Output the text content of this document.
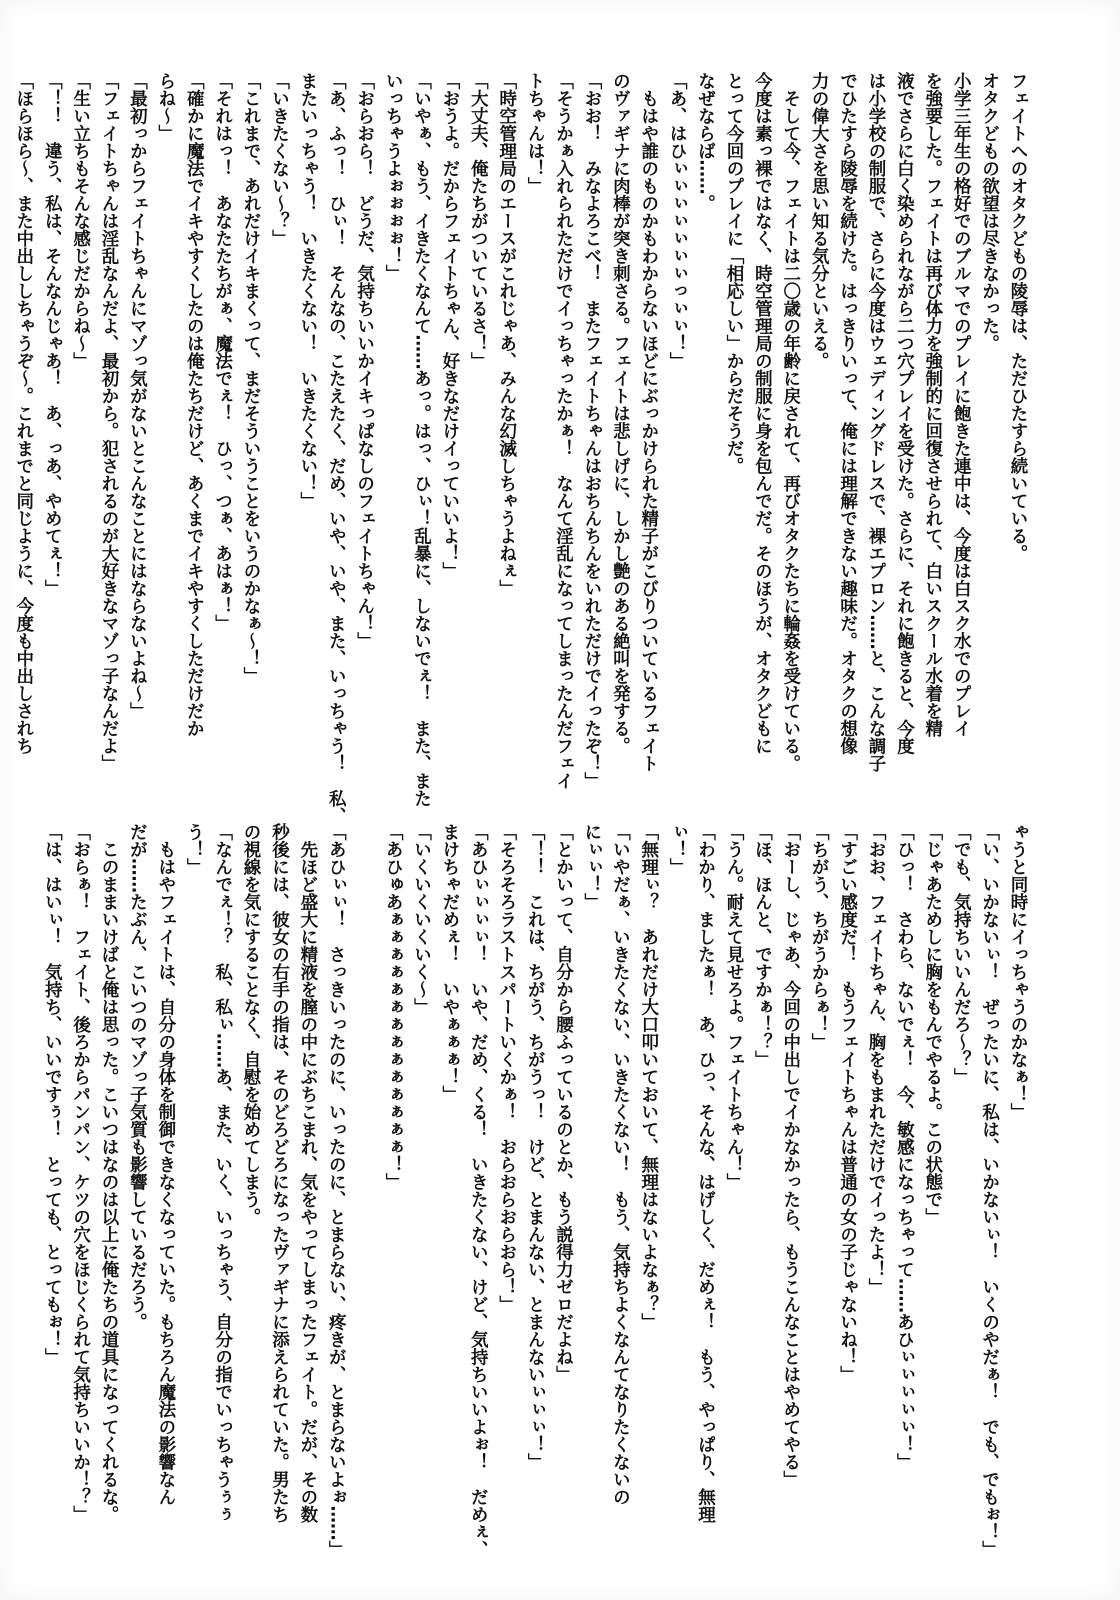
フェイトへのオタクどもの陵辱は、ただひたすら続いている。
オタクどもの欲望は尽きなかった。
小学三年生の格好でのブルマでのプレイに飽きた連中は、今度は白スク水でのプレイ
を強要した。フェイトは再び体力を強制的に回復させられて、白いスクール水着を精
液でさらに白く染められながら二つ穴プレイを受けた。さらに、それに飽きると、今度
は小学校の制服で、さらに今度はウェディングドレスで、裸エプロン……と、こんな調子
でひたすら陵辱を続けた。はっきりいって、俺には理解できない趣味だ。オタクの想像
力の偉大さを思い知る気分といえる。
　そして今、フェイトは二〇歳の年齢に戻されて、再びオタクたちに輪姦を受けている。
今度は素っ裸ではなく、時空管理局の制服に身を包んでだ。そのほうが、オタクどもに
とって今回のプレイに「相応しい」からだそうだ。
なぜならば……。
「あ、はひぃぃぃぃぃぃぃっぃぃ！」
　もはや誰のものかもわからないほどにぶっかけられた精子がこびりついているフェイト
のヴァギナに肉棒が突き刺さる。フェイトは悲しげに、しかし艶のある絶叫を発する。
「おお！　みなよろこべ！　またフェイトちゃんはおちんちんをいれただけでイったぞ！」
「そうかぁ入れられただけでイっちゃったかぁ！　なんて淫乱になってしまったんだフェイ
トちゃんは！」
「時空管理局のエースがこれじゃあ、みんな幻滅しちゃうよねぇ」
「大丈夫、俺たちがついているさ！」
「おうよ。だからフェイトちゃん、好きなだけイっていいよ！」
「いやぁ、もう、イきたくなんて……あっ。はっ、ひぃ！乱暴に、しないでぇ！　また、また
いっちゃうよぉぉぉぉ！」
「おらおら！　どうだ、気持ちいいかイキっぱなしのフェイトちゃん！」
「あ、ふっ！　ひぃ！　そんなの、こたえたく、だめ、いや、いや、また、いっちゃう！　私、
またいっちゃう！　いきたくない！　いきたくない！」
「いきたくない～？」
「これまで、あれだけイキまくって、まだそういうことをいうのかなぁ～！」
「それはっ！　あなたたちがぁ、魔法でぇ！　ひっ、つぁ、あはぁ！」
「確かに魔法でイキやすくしたのは俺たちだけど、あくまでイキやすくしただけだか
らね～」
「最初っからフェイトちゃんにマゾっ気がないとこんなことにはならないよね～」
「フェイトちゃんは淫乱なんだよ、最初から。犯されるのが大好きなマゾっ子なんだよ」
「生い立ちもそんな感じだからね～」
「！！　違う、私は、そんなんじゃあ！　あ、っあ、やめてぇ！」
「ほらほら～、また中出ししちゃうぞ～。これまでと同じように、今度も中出しされち
ゃうと同時にイっちゃうのかなぁ！」
「い、いかないぃ！　ぜったいに、私は、いかないぃ！　いくのやだぁ！　でも、でもぉ！」
「でも、気持ちいいんだろ～？」
「じゃあためしに胸をもんでやるよ。この状態で」
「ひっ！　さわら、ないでぇ！　今、敏感になっちゃって……あひぃぃぃぃぃ！」
「おお、フェイトちゃん、胸をもまれただけでイったよ！」
「すごい感度だ！　もうフェイトちゃんは普通の女の子じゃないね！」
「ちがう、ちがうからぁ！」
「おーし、じゃあ、今回の中出しでイかなかったら、もうこんなことはやめてやる」
「ほ、ほんと、ですかぁ！？」
「うん。耐えて見せろよ。フェイトちゃん！」
「わかり、ましたぁ！　あ、ひっ、そんな、はげしく、だめぇ！　もう、やっぱり、無理
ぃ！」
「無理ぃ？　あれだけ大口叩いておいて、無理はないよなぁ？」
「いやだぁ、いきたくない、いきたくない！　もう、気持ちよくなんてなりたくないの
にぃぃ！」
「とかいって、自分から腰ふっているのとか、もう説得力ゼロだよね」
「！！　これは、ちがう、ちがうっ！　けど、とまんない、とまんないぃぃぃ！」
「そろそろラストスパートいくかぁ！　おらおらおらおら！」
「あひぃぃぃぃ！　いや、だめ、くる！　いきたくない、けど、気持ちいいよぉ！　だめぇ、
まけちゃだめぇ！　いやぁぁぁ！」
「いくいくいくいく～」
「あひゅあぁぁぁぁぁぁぁぁぁぁぁぁぁぁ！」

「あひぃぃ！　さっきいったのに、いったのに、とまらない、疼きが、とまらないよぉ……」
　先ほど盛大に精液を膣の中にぶちこまれ、気をやってしまったフェイト。だが、その数
秒後には、彼女の右手の指は、そのどろどろになったヴァギナに添えられていた。男たち
の視線を気にすることなく、自慰を始めてしまう。
「なんでぇ！？　私、私ぃ……あ、また、いく、いっちゃう、自分の指でいっちゃうぅぅ
う！」
　もはやフェイトは、自分の身体を制御できなくなっていた。もちろん魔法の影響なん
だが……たぶん、こいつのマゾっ子気質も影響しているだろう。
　このままいけばと俺は思った。こいつはなのは以上に俺たちの道具になってくれるな。
「おらぁ！　フェイト、後ろからパンパン、ケツの穴をほじくられて気持ちいいか！？」
「は、はいぃ！　気持ち、いいですぅ！　とっても、とってもぉ！」
